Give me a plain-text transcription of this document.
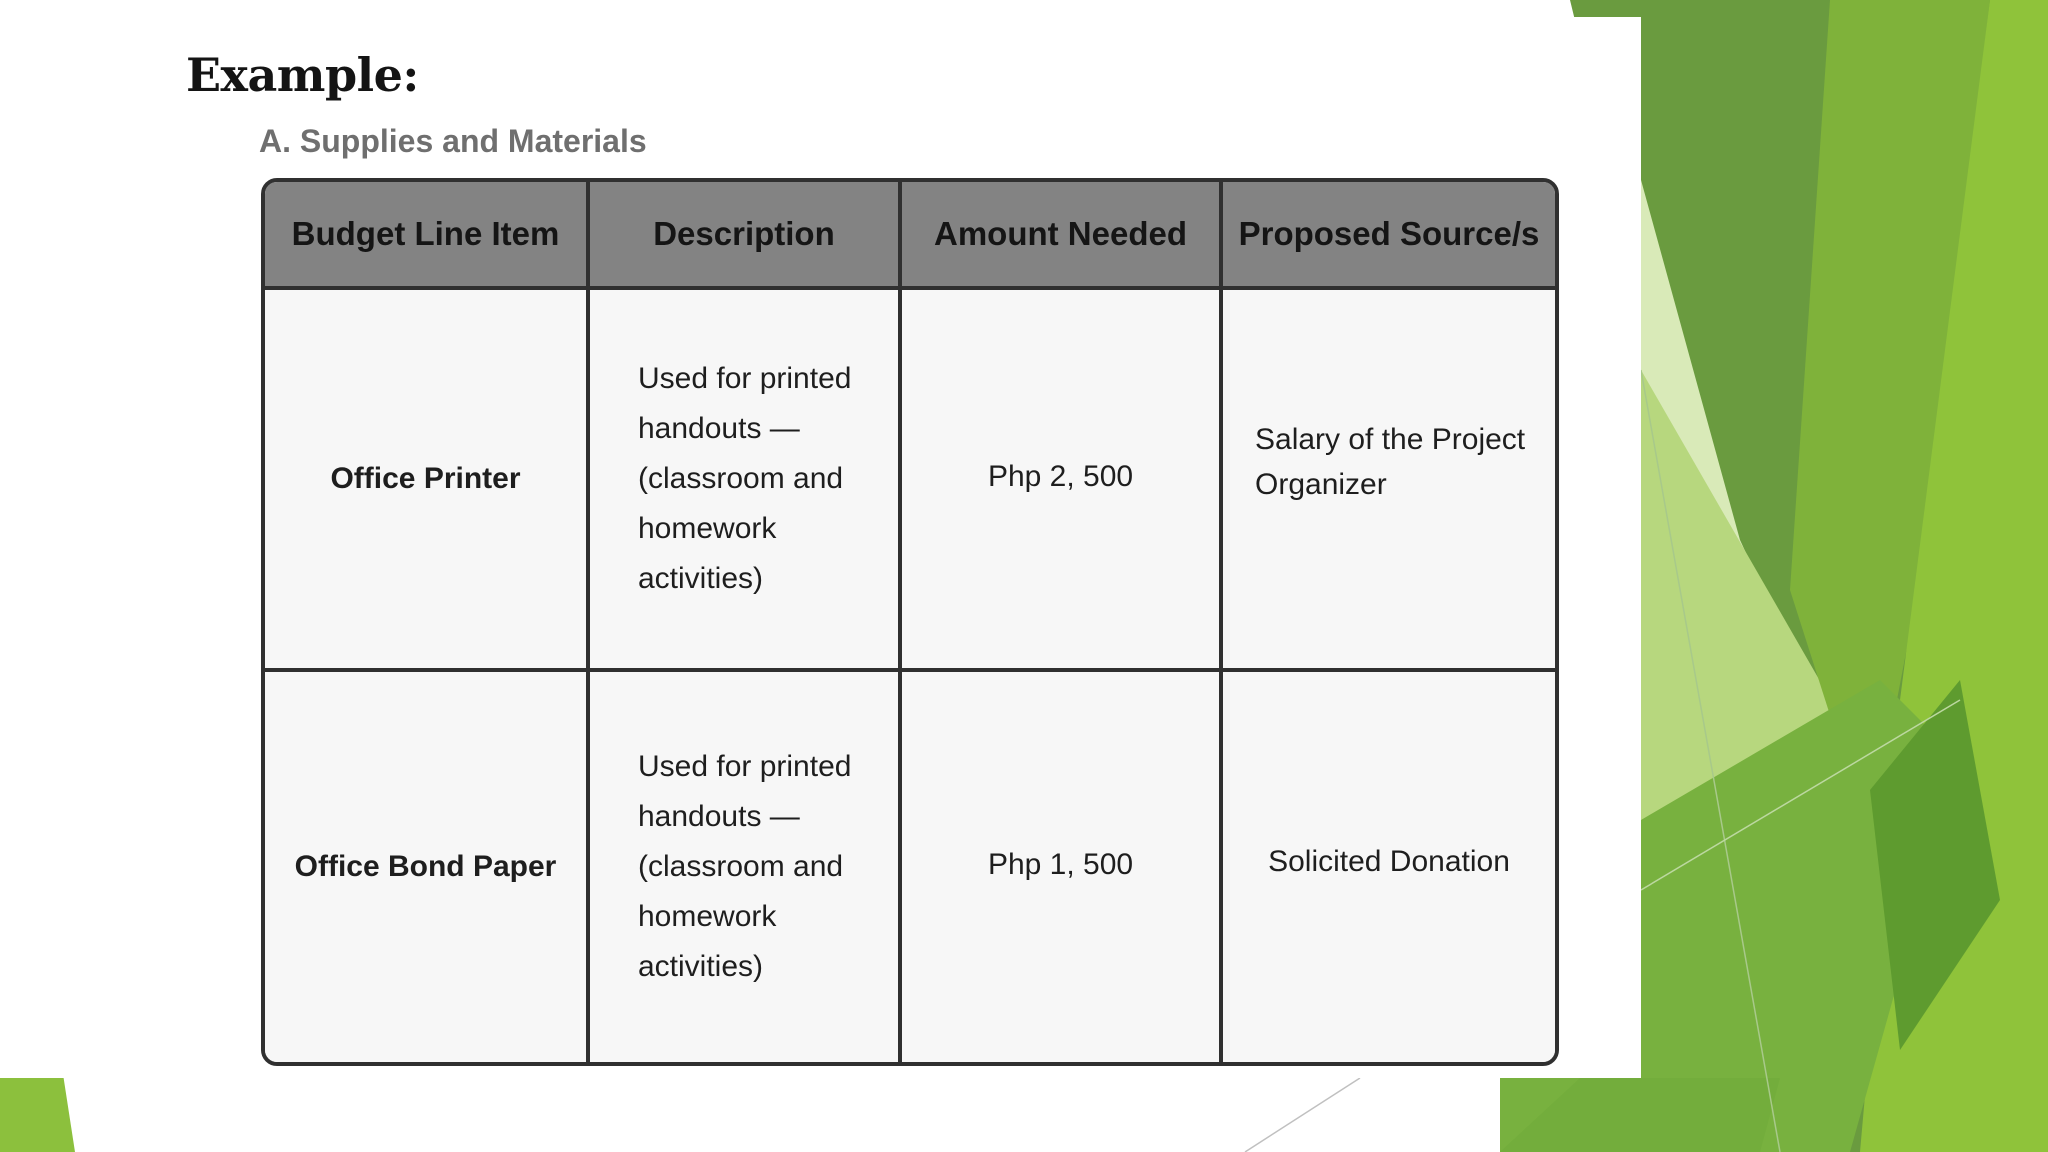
Example:
A. Supplies and Materials
Budget Line Item	Description	Amount Needed	Proposed Source/s
Office Printer	Used for printed handouts — (classroom and homework activities)	Php 2, 500	Salary of the Project Organizer
Office Bond Paper	Used for printed handouts — (classroom and homework activities)	Php 1, 500	Solicited Donation
